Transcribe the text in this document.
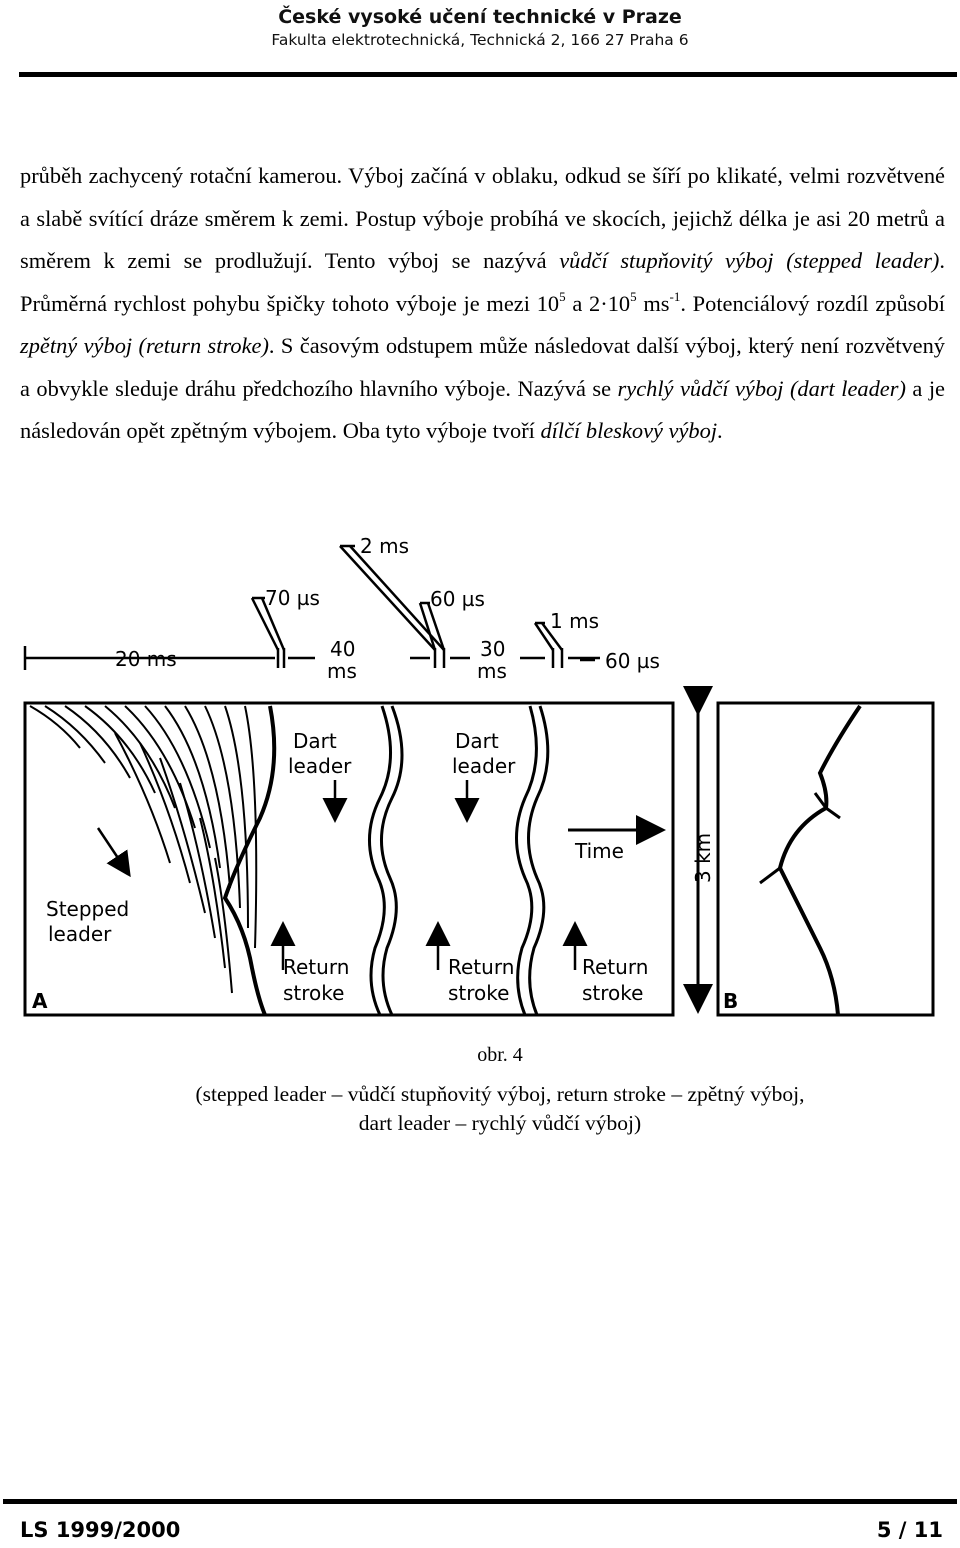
České vysoké učení technické v Praze
Fakulta elektrotechnická, Technická 2, 166 27 Praha 6
průběh zachycený rotační kamerou. Výboj začíná v oblaku, odkud se šíří po klikaté, velmi rozvětvené a slabě svítící dráze směrem k zemi. Postup výboje probíhá ve skocích, jejichž délka je asi 20 metrů a směrem k zemi se prodlužují. Tento výboj se nazývá vůdčí stupňovitý výboj (stepped leader). Průměrná rychlost pohybu špičky tohoto výboje je mezi $10^5$ a $2\cdot 10^5$ $ms^{-1}$. Potenciálový rozdíl způsobí zpětný výboj (return stroke). S časovým odstupem může následovat další výboj, který není rozvětvený a obvykle sleduje dráhu předchozího hlavního výboje. Nazývá se rychlý vůdčí výboj (dart leader) a je následován opět zpětným výbojem. Oba tyto výboje tvoří dílčí bleskový výboj.
20 ms
70 µs
2 ms
40
ms
60 µs
30
ms
1 ms
60 µs
Dart
leader
Dart
leader
Time
Stepped
leader
Return
stroke
Return
stroke
Return
stroke
A
3 km
B
obr. 4
(stepped leader – vůdčí stupňovitý výboj, return stroke – zpětný výboj,
dart leader – rychlý vůdčí výboj)
LS 1999/2000	5 / 11
